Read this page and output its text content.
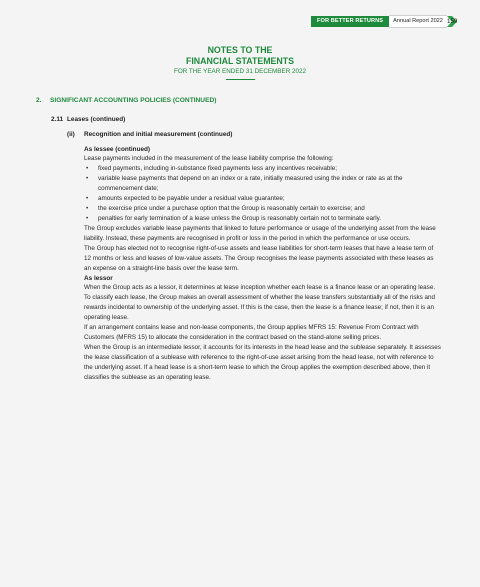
FOR BETTER RETURNS	Annual Report 2022 159
NOTES TO THE
FINANCIAL STATEMENTS
FOR THE YEAR ENDED 31 DECEMBER 2022
2. SIGNIFICANT ACCOUNTING POLICIES (CONTINUED)
2.11 Leases (continued)
(ii) Recognition and initial measurement (continued)
As lessee (continued)

Lease payments included in the measurement of the lease liability comprise the following:

• fixed payments, including in-substance fixed payments less any incentives receivable;
• variable lease payments that depend on an index or a rate, initially measured using the index or rate as at the commencement date;
• amounts expected to be payable under a residual value guarantee;
• the exercise price under a purchase option that the Group is reasonably certain to exercise; and
• penalties for early termination of a lease unless the Group is reasonably certain not to terminate early.

The Group excludes variable lease payments that linked to future performance or usage of the underlying asset from the lease liability. Instead, these payments are recognised in profit or loss in the period in which the performance or use occurs.

The Group has elected not to recognise right-of-use assets and lease liabilities for short-term leases that have a lease term of 12 months or less and leases of low-value assets. The Group recognises the lease payments associated with these leases as an expense on a straight-line basis over the lease term.

As lessor

When the Group acts as a lessor, it determines at lease inception whether each lease is a finance lease or an operating lease.

To classify each lease, the Group makes an overall assessment of whether the lease transfers substantially all of the risks and rewards incidental to ownership of the underlying asset. If this is the case, then the lease is a finance lease; if not, then it is an operating lease.

If an arrangement contains lease and non-lease components, the Group applies MFRS 15: Revenue From Contract with Customers (MFRS 15) to allocate the consideration in the contract based on the stand-alone selling prices.

When the Group is an intermediate lessor, it accounts for its interests in the head lease and the sublease separately. It assesses the lease classification of a sublease with reference to the right-of-use asset arising from the head lease, not with reference to the underlying asset. If a head lease is a short-term lease to which the Group applies the exemption described above, then it classifies the sublease as an operating lease.
